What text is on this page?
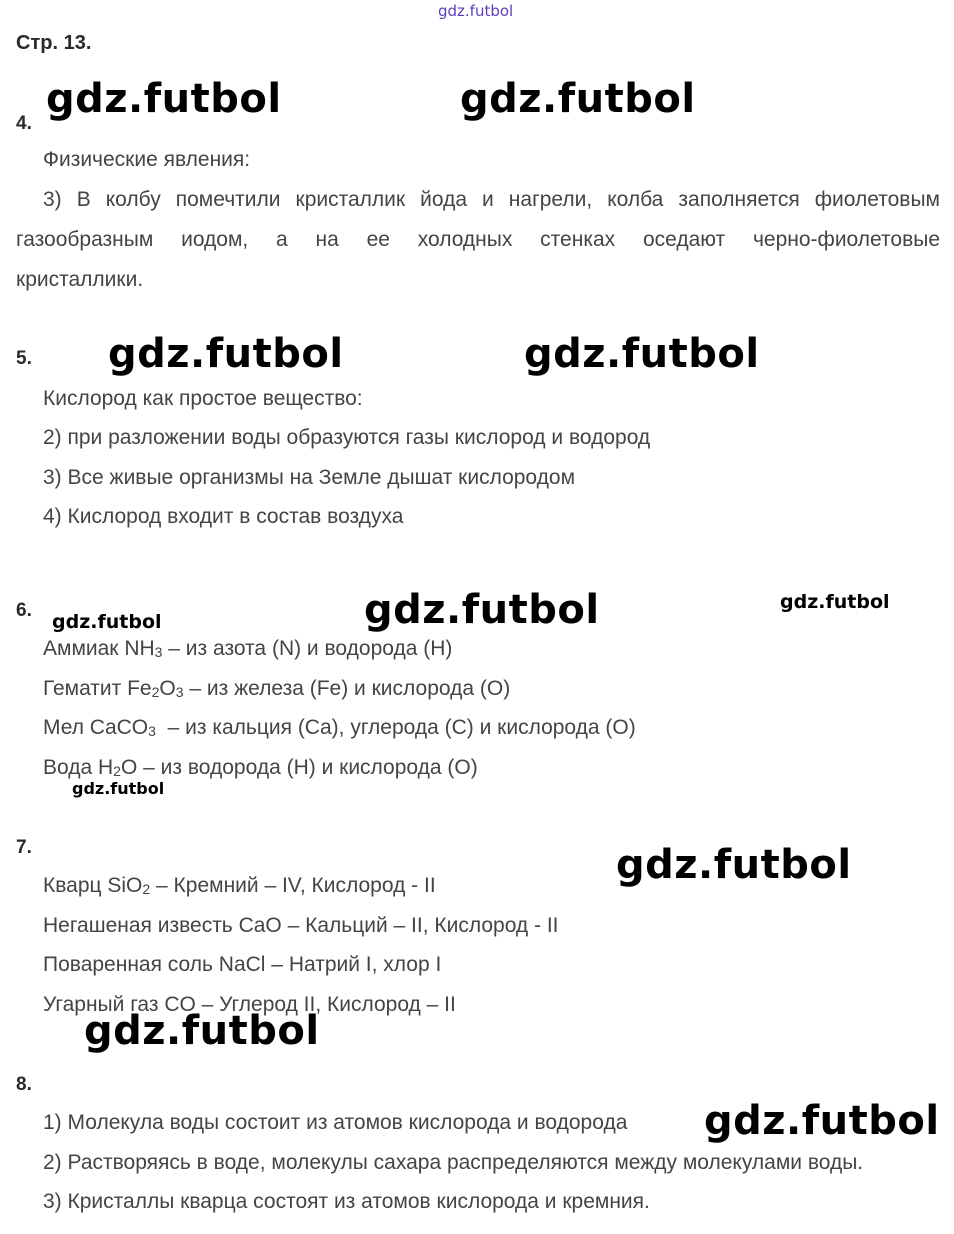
gdz.futbol
Стр. 13.
4.
gdz.futbol	gdz.futbol
Физические явления:
3) В колбу помечтили кристаллик йода и нагрели, колба заполняется фиолетовым
газообразным иодом, а на ее холодных стенках оседают черно-фиолетовые
кристаллики.
5. gdz.futbol	gdz.futbol
Кислород как простое вещество:
2) при разложении воды образуются газы кислород и водород
3) Все живые организмы на Земле дышат кислородом
4) Кислород входит в состав воздуха
6.
gdz.futbol	gdz.futbol	gdz.futbol
Аммиак $NH_3$ – из азота (N) и водорода (H)
Гематит $Fe_2O_3$ – из железа (Fe) и кислорода (O)
Мел CaCO$_3$  – из кальция (Ca), углерода (C) и кислорода (O)
Вода $H_2O$ – из водорода (H) и кислорода (O)
gdz.futbol
7.	gdz.futbol
Кварц SiO$_2$ – Кремний – IV, Кислород - II
Негашеная известь CaO – Кальций – II, Кислород - II
Поваренная соль NaCl – Натрий I, хлор I
Угарный газ CO – Углерод II, Кислород – II
gdz.futbol
8.
1) Молекула воды состоит из атомов кислорода и водорода gdz.futbol
2) Растворяясь в воде, молекулы сахара распределяются между молекулами воды.
3) Кристаллы кварца состоят из атомов кислорода и кремния.
